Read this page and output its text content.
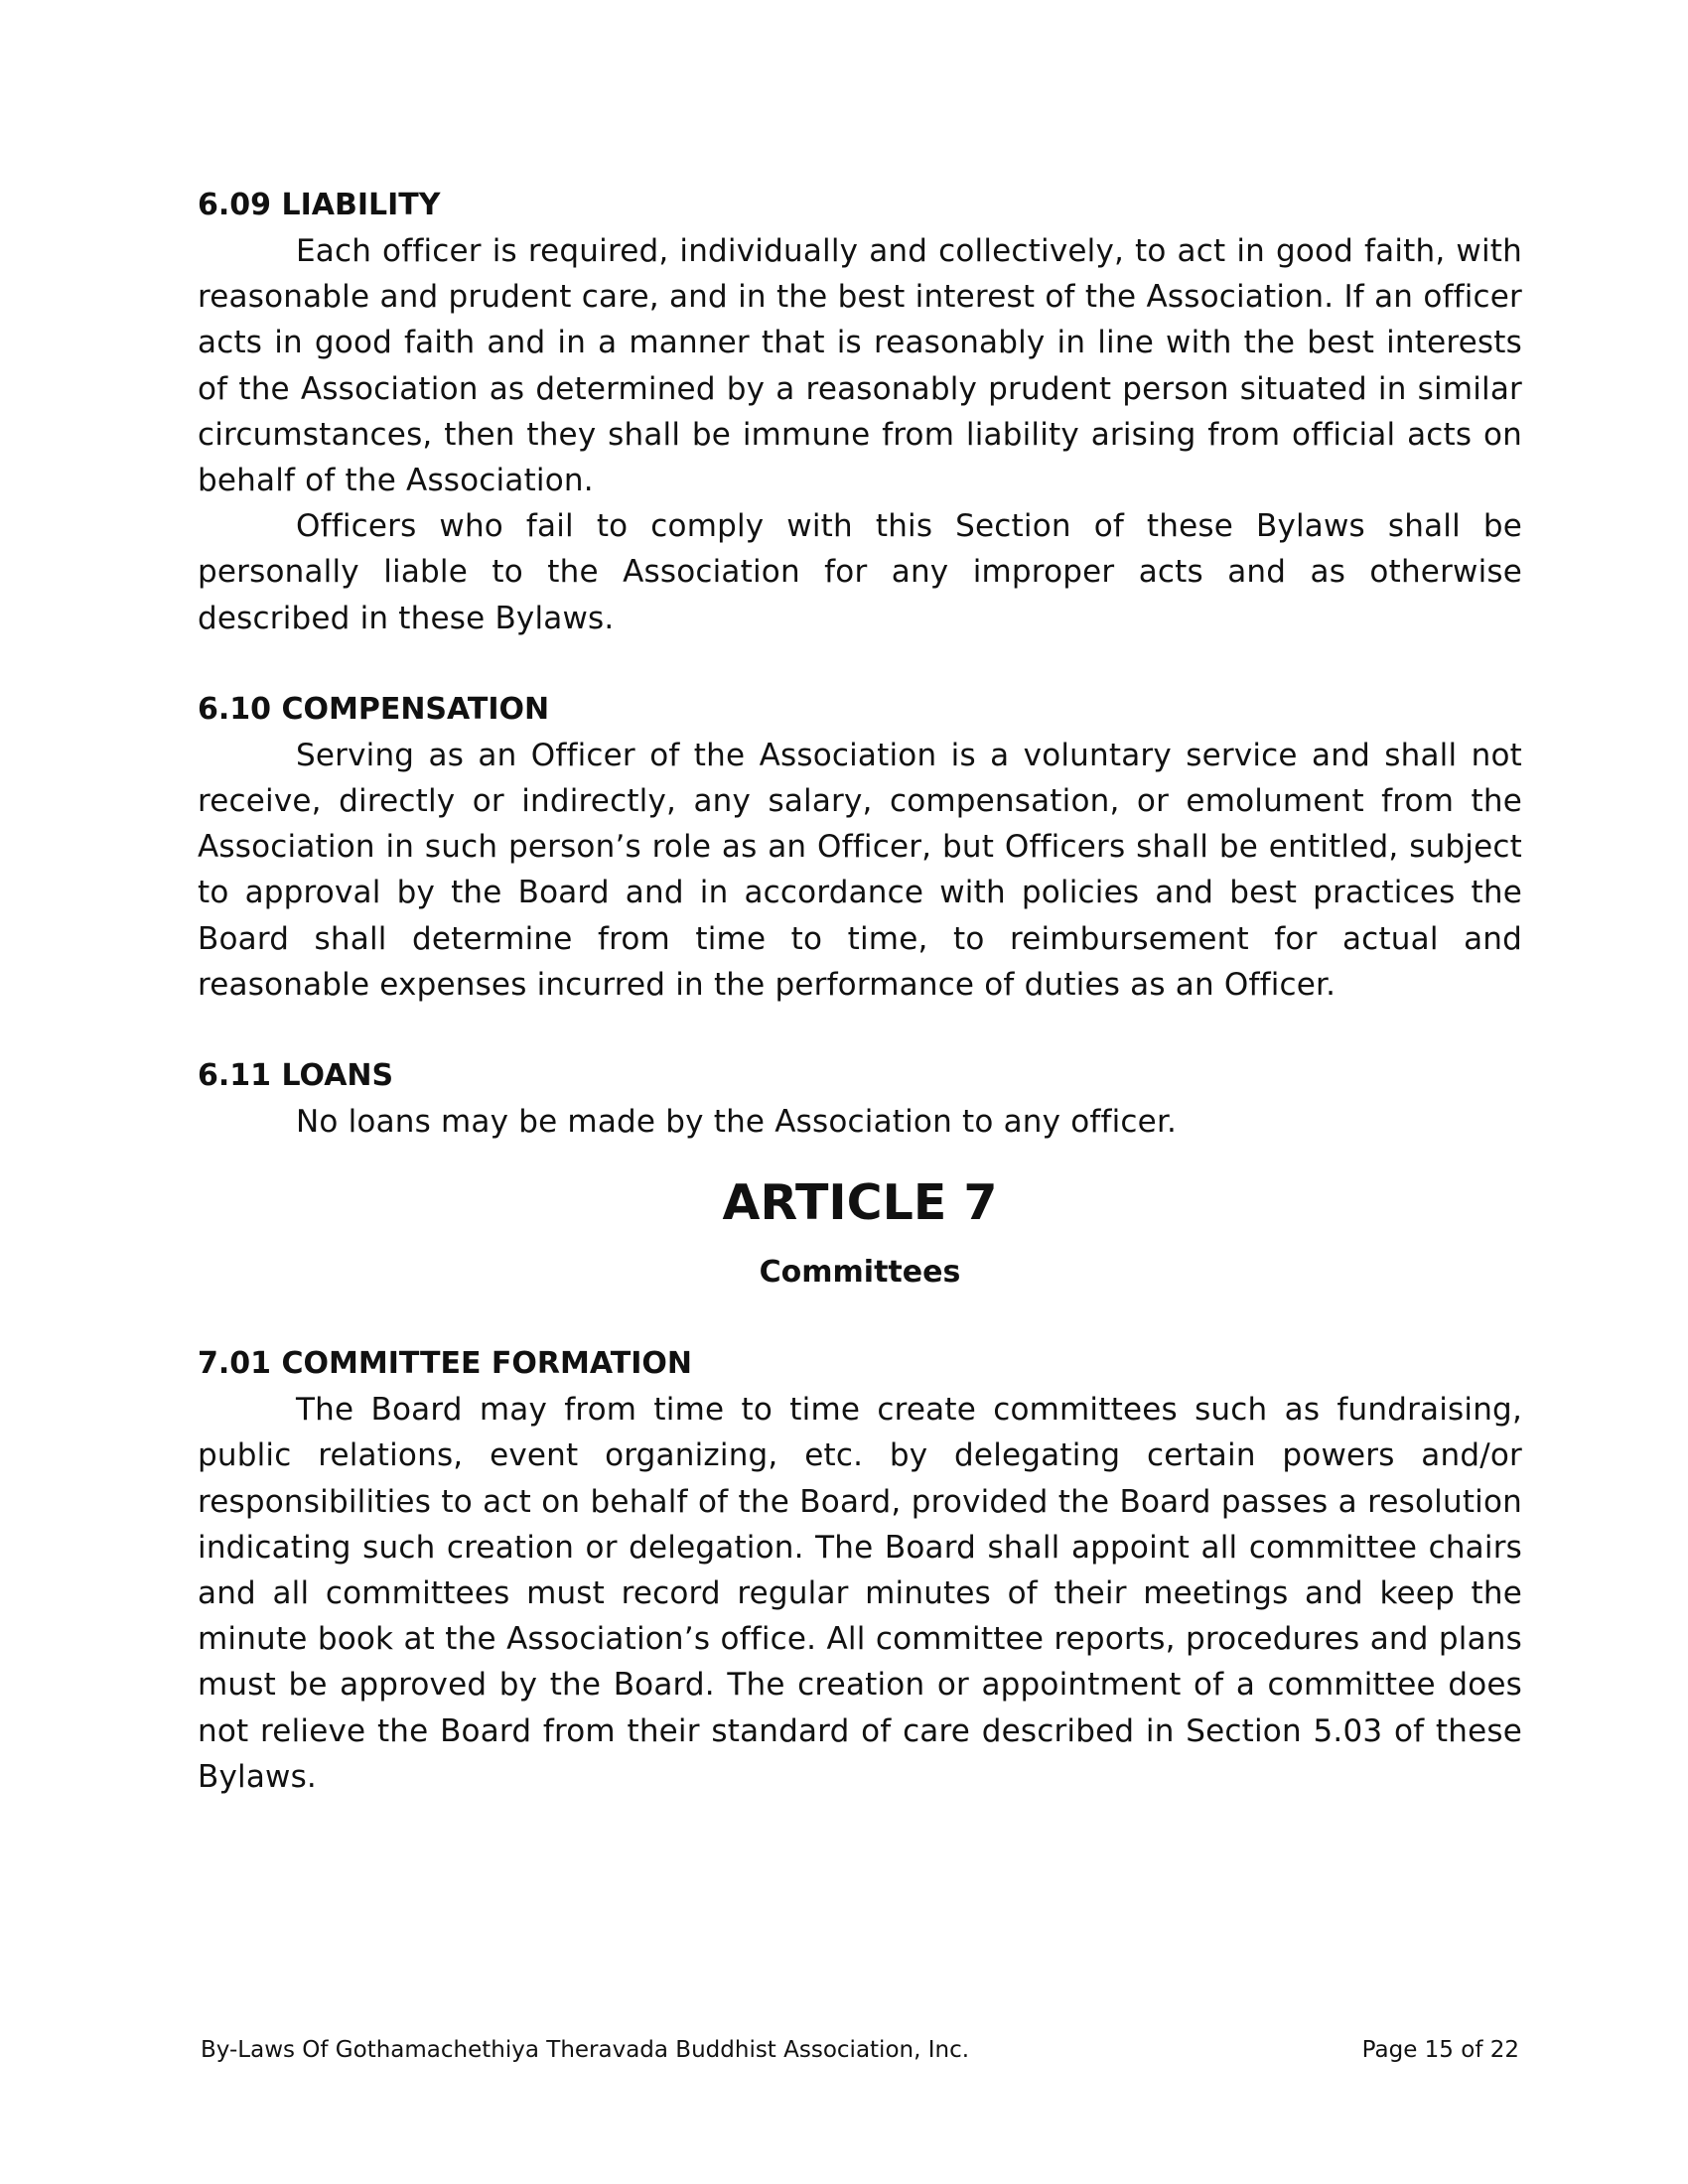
6.09 LIABILITY

Each officer is required, individually and collectively, to act in good faith, with reasonable and prudent care, and in the best interest of the Association. If an officer acts in good faith and in a manner that is reasonably in line with the best interests of the Association as determined by a reasonably prudent person situated in similar circumstances, then they shall be immune from liability arising from official acts on behalf of the Association.

Officers who fail to comply with this Section of these Bylaws shall be personally liable to the Association for any improper acts and as otherwise described in these Bylaws.

6.10 COMPENSATION

Serving as an Officer of the Association is a voluntary service and shall not receive, directly or indirectly, any salary, compensation, or emolument from the Association in such person’s role as an Officer, but Officers shall be entitled, subject to approval by the Board and in accordance with policies and best practices the Board shall determine from time to time, to reimbursement for actual and reasonable expenses incurred in the performance of duties as an Officer.

6.11 LOANS

No loans may be made by the Association to any officer.

ARTICLE 7
Committees
7.01 COMMITTEE FORMATION

The Board may from time to time create committees such as fundraising, public relations, event organizing, etc. by delegating certain powers and/or responsibilities to act on behalf of the Board, provided the Board passes a resolution indicating such creation or delegation. The Board shall appoint all committee chairs and all committees must record regular minutes of their meetings and keep the minute book at the Association’s office. All committee reports, procedures and plans must be approved by the Board. The creation or appointment of a committee does not relieve the Board from their standard of care described in Section 5.03 of these Bylaws.

By-Laws Of Gothamachethiya Theravada Buddhist Association, Inc.	Page 15 of 22
